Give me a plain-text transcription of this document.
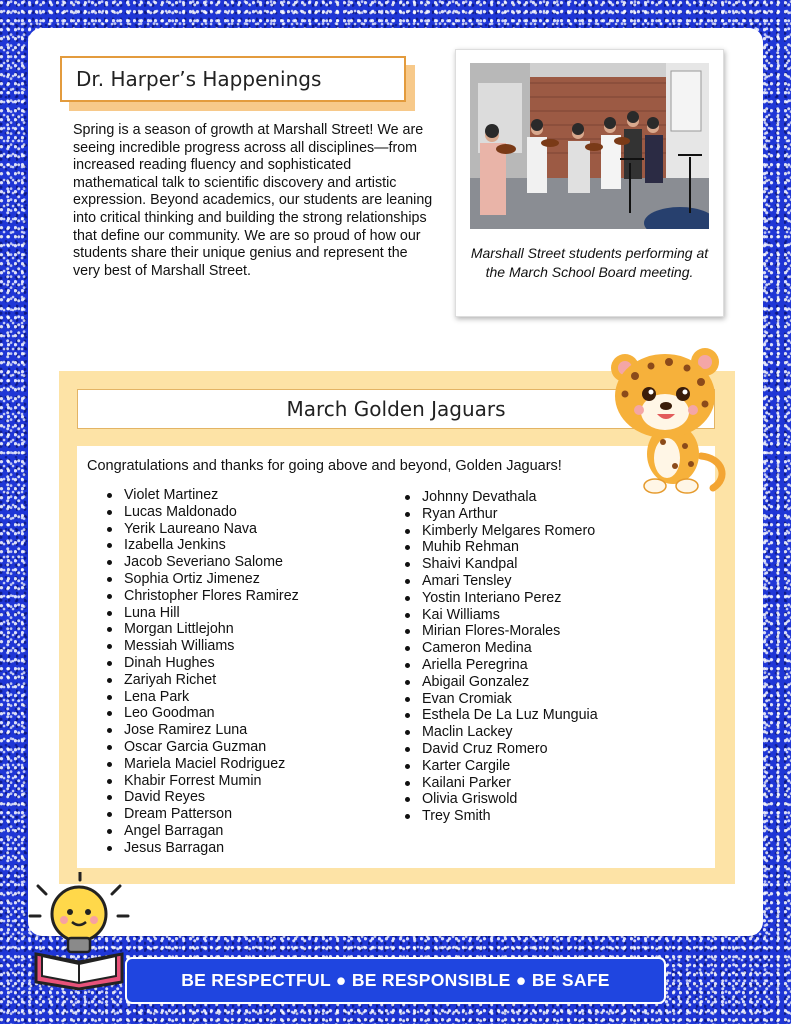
Dr. Harper’s Happenings

Spring is a season of growth at Marshall Street! We are seeing incredible progress across all disciplines—from increased reading fluency and sophisticated mathematical talk to scientific discovery and artistic expression. Beyond academics, our students are leaning into critical thinking and building the strong relationships that define our community. We are so proud of how our students share their unique genius and represent the very best of Marshall Street.

Marshall Street students performing at the March School Board meeting.
March Golden Jaguars
Congratulations and thanks for going above and beyond, Golden Jaguars!
Violet Martinez
Lucas Maldonado
Yerik Laureano Nava
Izabella Jenkins
Jacob Severiano Salome
Sophia Ortiz Jimenez
Christopher Flores Ramirez
Luna Hill
Morgan Littlejohn
Messiah Williams
Dinah Hughes
Zariyah Richet
Lena Park
Leo Goodman
Jose Ramirez Luna
Oscar Garcia Guzman
Mariela Maciel Rodriguez
Khabir Forrest Mumin
David Reyes
Dream Patterson
Angel Barragan
Jesus Barragan
Johnny Devathala
Ryan Arthur
Kimberly Melgares Romero
Muhib Rehman
Shaivi Kandpal
Amari Tensley
Yostin Interiano Perez
Kai Williams
Mirian Flores-Morales
Cameron Medina
Ariella Peregrina
Abigail Gonzalez
Evan Cromiak
Esthela De La Luz Munguia
Maclin Lackey
David Cruz Romero
Karter Cargile
Kailani Parker
Olivia Griswold
Trey Smith
BE RESPECTFUL ● BE RESPONSIBLE ● BE SAFE
